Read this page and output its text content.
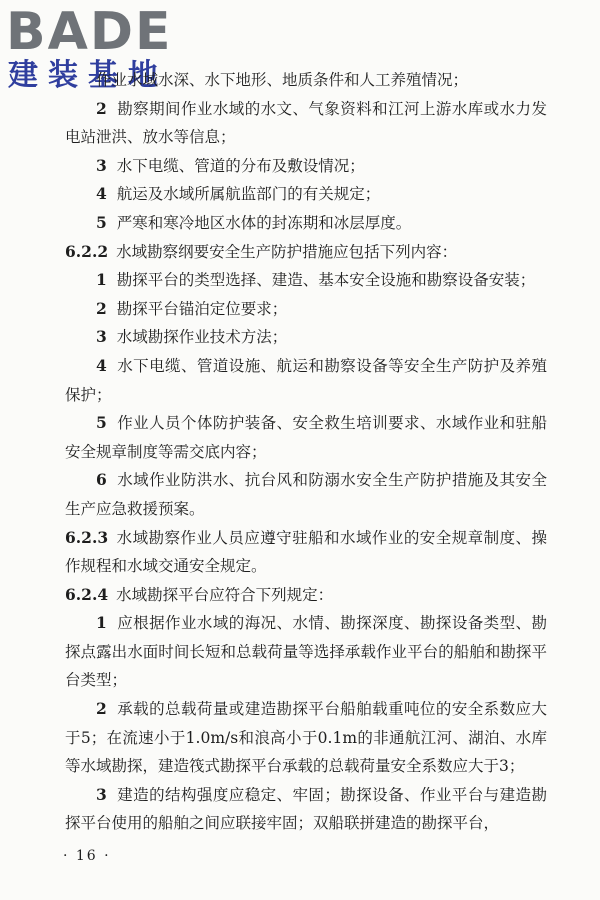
BADE
建装基地

作业水域水深、水下地形、地质条件和人工养殖情况；

2 勘察期间作业水域的水文、气象资料和江河上游水库或水力发电站泄洪、放水等信息；

3 水下电缆、管道的分布及敷设情况；

4 航运及水域所属航监部门的有关规定；

5 严寒和寒冷地区水体的封冻期和冰层厚度。

6.2.2 水域勘察纲要安全生产防护措施应包括下列内容：

1 勘探平台的类型选择、建造、基本安全设施和勘察设备安装；

2 勘探平台锚泊定位要求；

3 水域勘探作业技术方法；

4 水下电缆、管道设施、航运和勘察设备等安全生产防护及养殖保护；

5 作业人员个体防护装备、安全救生培训要求、水域作业和驻船安全规章制度等需交底内容；

6 水域作业防洪水、抗台风和防溺水安全生产防护措施及其安全生产应急救援预案。

6.2.3 水域勘察作业人员应遵守驻船和水域作业的安全规章制度、操作规程和水域交通安全规定。

6.2.4 水域勘探平台应符合下列规定：

1 应根据作业水域的海况、水情、勘探深度、勘探设备类型、勘探点露出水面时间长短和总载荷量等选择承载作业平台的船舶和勘探平台类型；

2 承载的总载荷量或建造勘探平台船舶载重吨位的安全系数应大于5；在流速小于1.0m/s和浪高小于0.1m的非通航江河、湖泊、水库等水域勘探，建造筏式勘探平台承载的总载荷量安全系数应大于3；

3 建造的结构强度应稳定、牢固；勘探设备、作业平台与建造勘探平台使用的船舶之间应联接牢固；双船联拼建造的勘探平台，

· 16 ·
